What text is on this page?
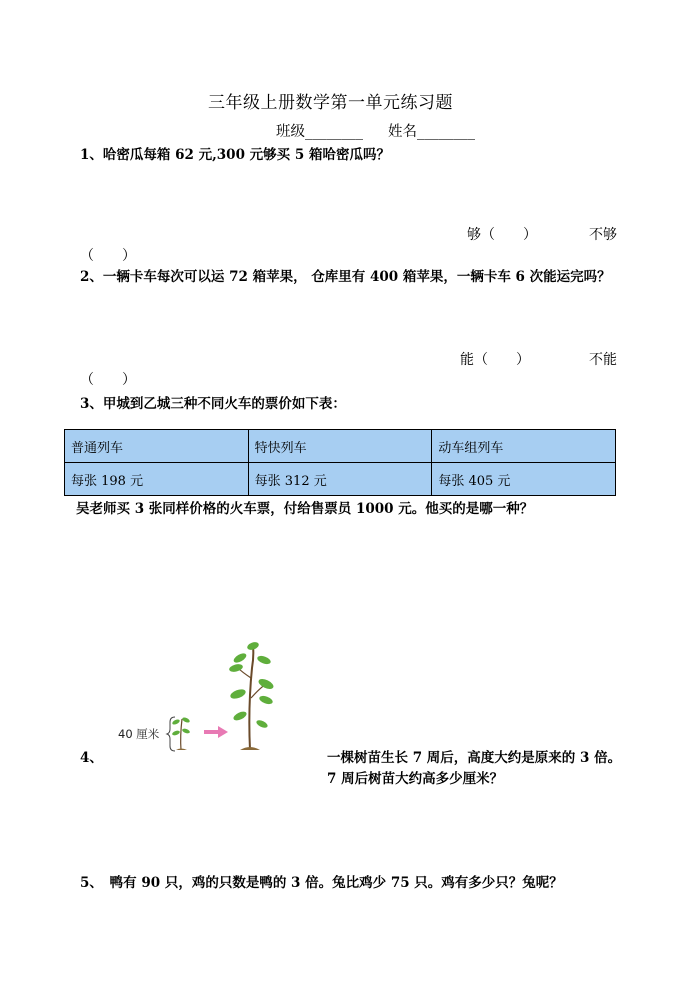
三年级上册数学第一单元练习题
班级________ 姓名________
1、哈密瓜每箱 62 元,300 元够买 5 箱哈密瓜吗？
够（　　）	不够
（　　）
2、一辆卡车每次可以运 72 箱苹果， 仓库里有 400 箱苹果，一辆卡车 6 次能运完吗？
能（　　）	不能
（　　）
3、甲城到乙城三种不同火车的票价如下表：
普通列车	特快列车	动车组列车
每张 198 元	每张 312 元	每张 405 元
吴老师买 3 张同样价格的火车票，付给售票员 1000 元。他买的是哪一种？
40 厘米
4、	一棵树苗生长 7 周后，高度大约是原来的 3 倍。
7 周后树苗大约高多少厘米？
5、　鸭有 90 只，鸡的只数是鸭的 3 倍。兔比鸡少 75 只。鸡有多少只？兔呢？
